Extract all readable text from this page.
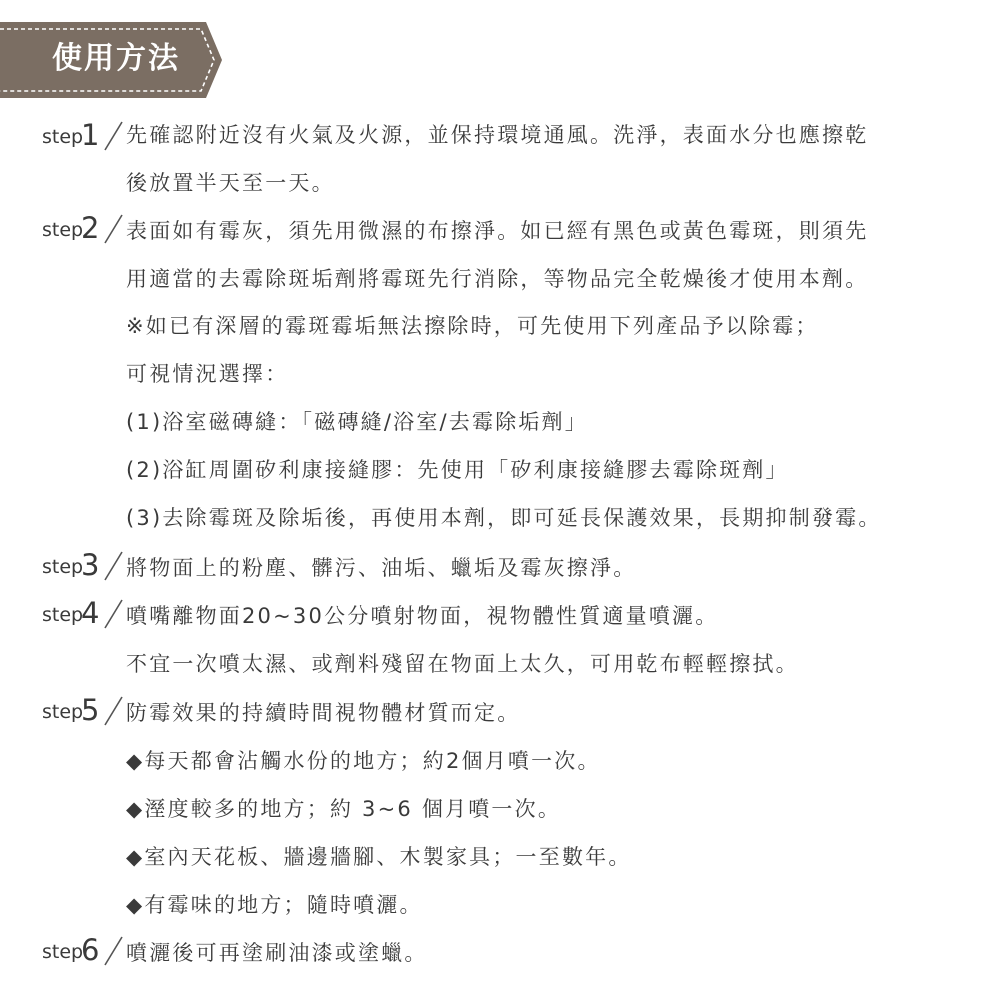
使用方法
step
1 先確認附近沒有火氣及火源，並保持環境通風。洗淨，表面水分也應擦乾
後放置半天至一天。
step
2 表面如有霉灰，須先用微濕的布擦淨。如已經有黑色或黃色霉斑，則須先
用適當的去霉除斑垢劑將霉斑先行消除，等物品完全乾燥後才使用本劑。
※如已有深層的霉斑霉垢無法擦除時，可先使用下列產品予以除霉；
可視情況選擇：
(1)浴室磁磚縫：「磁磚縫/浴室/去霉除垢劑」
(2)浴缸周圍矽利康接縫膠：先使用「矽利康接縫膠去霉除斑劑」
(3)去除霉斑及除垢後，再使用本劑，即可延長保護效果，長期抑制發霉。
step
3 將物面上的粉塵、髒污、油垢、蠟垢及霉灰擦淨。
step
4 噴嘴離物面20~30公分噴射物面，視物體性質適量噴灑。
不宜一次噴太濕、或劑料殘留在物面上太久，可用乾布輕輕擦拭。
step
5 防霉效果的持續時間視物體材質而定。
◆每天都會沾觸水份的地方；約2個月噴一次。
◆溼度較多的地方；約 3~6 個月噴一次。
◆室內天花板、牆邊牆腳、木製家具；一至數年。
◆有霉味的地方；隨時噴灑。
step
6 噴灑後可再塗刷油漆或塗蠟。
